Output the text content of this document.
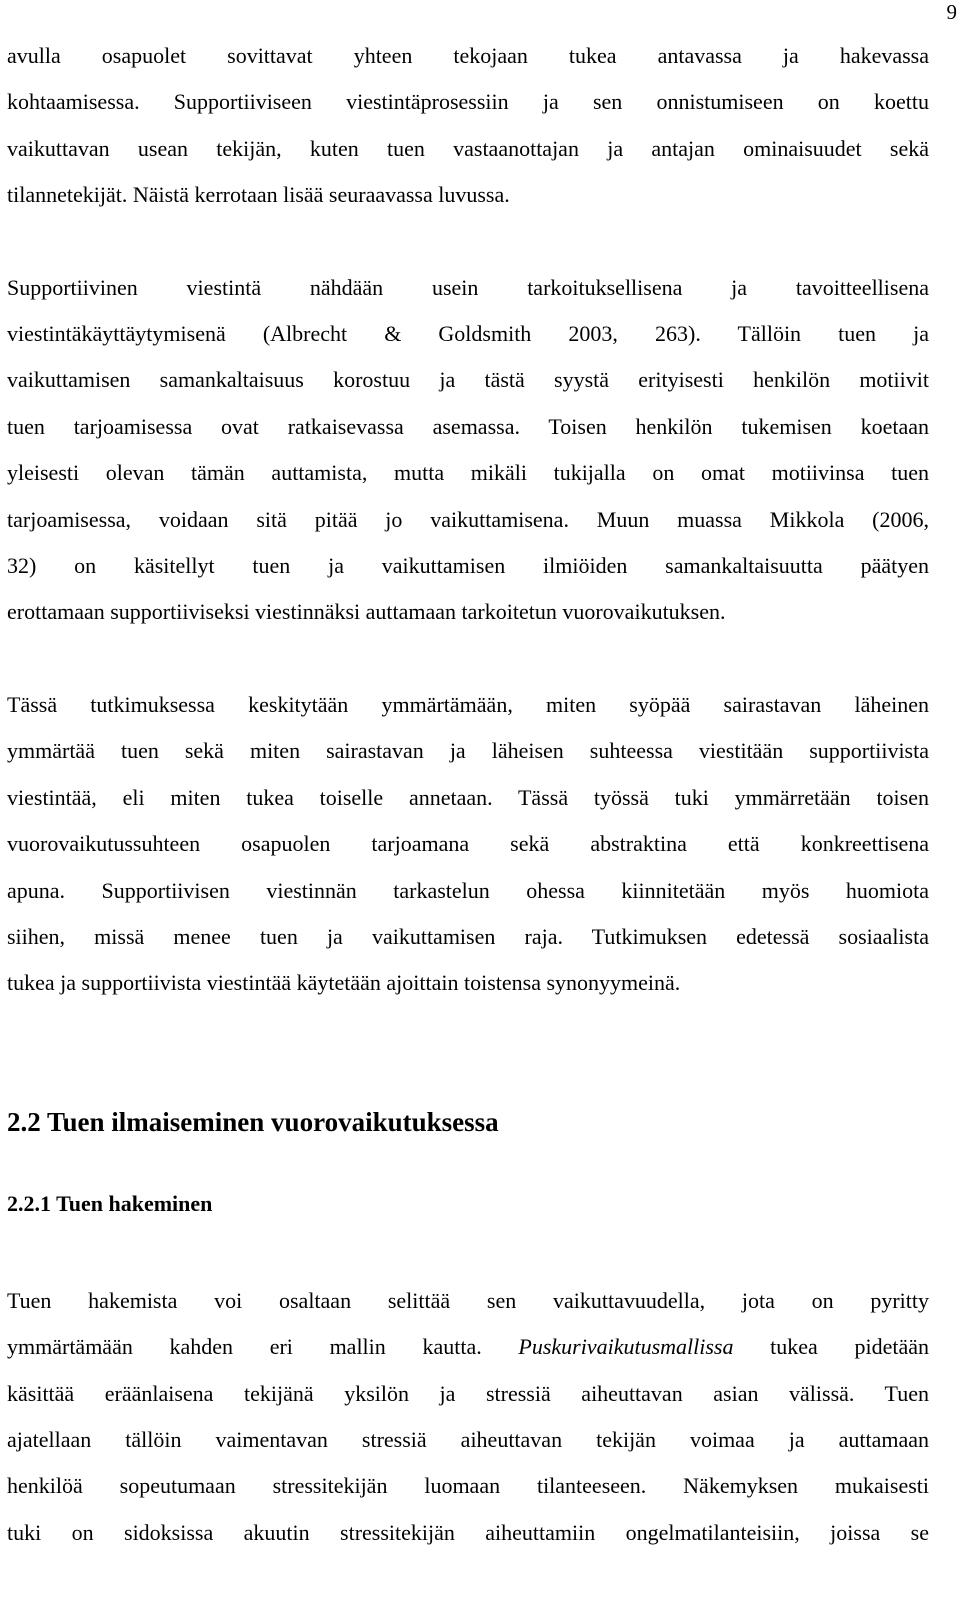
9

avulla osapuolet sovittavat yhteen tekojaan tukea antavassa ja hakevassa
kohtaamisessa. Supportiiviseen viestintäprosessiin ja sen onnistumiseen on koettu
vaikuttavan usean tekijän, kuten tuen vastaanottajan ja antajan ominaisuudet sekä
tilannetekijät. Näistä kerrotaan lisää seuraavassa luvussa.

Supportiivinen viestintä nähdään usein tarkoituksellisena ja tavoitteellisena
viestintäkäyttäytymisenä (Albrecht & Goldsmith 2003, 263). Tällöin tuen ja
vaikuttamisen samankaltaisuus korostuu ja tästä syystä erityisesti henkilön motiivit
tuen tarjoamisessa ovat ratkaisevassa asemassa. Toisen henkilön tukemisen koetaan
yleisesti olevan tämän auttamista, mutta mikäli tukijalla on omat motiivinsa tuen
tarjoamisessa, voidaan sitä pitää jo vaikuttamisena. Muun muassa Mikkola (2006,
32) on käsitellyt tuen ja vaikuttamisen ilmiöiden samankaltaisuutta päätyen
erottamaan supportiiviseksi viestinnäksi auttamaan tarkoitetun vuorovaikutuksen.

Tässä tutkimuksessa keskitytään ymmärtämään, miten syöpää sairastavan läheinen
ymmärtää tuen sekä miten sairastavan ja läheisen suhteessa viestitään supportiivista
viestintää, eli miten tukea toiselle annetaan. Tässä työssä tuki ymmärretään toisen
vuorovaikutussuhteen osapuolen tarjoamana sekä abstraktina että konkreettisena
apuna. Supportiivisen viestinnän tarkastelun ohessa kiinnitetään myös huomiota
siihen, missä menee tuen ja vaikuttamisen raja. Tutkimuksen edetessä sosiaalista
tukea ja supportiivista viestintää käytetään ajoittain toistensa synonyymeinä.

2.2 Tuen ilmaiseminen vuorovaikutuksessa
2.2.1 Tuen hakeminen

Tuen hakemista voi osaltaan selittää sen vaikuttavuudella, jota on pyritty
ymmärtämään kahden eri mallin kautta. Puskurivaikutusmallissa tukea pidetään
käsittää eräänlaisena tekijänä yksilön ja stressiä aiheuttavan asian välissä. Tuen
ajatellaan tällöin vaimentavan stressiä aiheuttavan tekijän voimaa ja auttamaan
henkilöä sopeutumaan stressitekijän luomaan tilanteeseen. Näkemyksen mukaisesti
tuki on sidoksissa akuutin stressitekijän aiheuttamiin ongelmatilanteisiin, joissa se
